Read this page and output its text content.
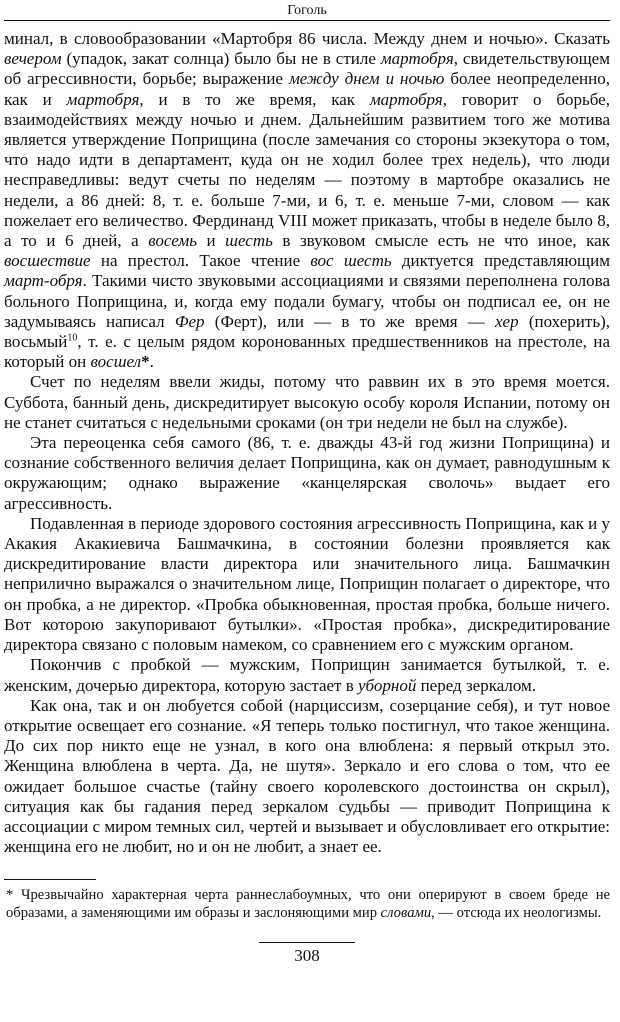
Гоголь

минал, в словообразовании «Мартобря 86 числа. Между днем и ночью». Сказать вечером (упадок, закат солнца) было бы не в стиле мартобря, свидетельствующем об агрессивности, борьбе; выражение между днем и ночью более неопределенно, как и мартобря, и в то же время, как мартобря, говорит о борьбе, взаимодействиях между ночью и днем. Дальнейшим развитием того же мотива является утверждение Поприщина (после замечания со стороны экзекутора о том, что надо идти в департамент, куда он не ходил более трех недель), что люди несправедливы: ведут счеты по неделям — поэтому в мартобре оказались не недели, а 86 дней: 8, т. е. больше 7-ми, и 6, т. е. меньше 7-ми, словом — как пожелает его величество. Фердинанд VIII может приказать, чтобы в неделе было 8, а то и 6 дней, а восемь и шесть в звуковом смысле есть не что иное, как восшествие на престол. Такое чтение вос шесть диктуется представляющим март-обря. Такими чисто звуковыми ассоциациями и связями переполнена голова больного Поприщина, и, когда ему подали бумагу, чтобы он подписал ее, он не задумываясь написал Фер (Ферт), или — в то же время — хер (похерить), восьмый$^{10}$, т. е. с целым рядом коронованных предшественников на престоле, на который он восшел*.

Счет по неделям ввели жиды, потому что раввин их в это время моется. Суббота, банный день, дискредитирует высокую особу короля Испании, потому он не станет считаться с недельными сроками (он три недели не был на службе).

Эта переоценка себя самого (86, т. е. дважды 43-й год жизни Поприщина) и сознание собственного величия делает Поприщина, как он думает, равнодушным к окружающим; однако выражение «канцелярская сволочь» выдает его агрессивность.

Подавленная в периоде здорового состояния агрессивность Поприщина, как и у Акакия Акакиевича Башмачкина, в состоянии болезни проявляется как дискредитирование власти директора или значительного лица. Башмачкин неприлично выражался о значительном лице, Поприщин полагает о директоре, что он пробка, а не директор. «Пробка обыкновенная, простая пробка, больше ничего. Вот которою закупоривают бутылки». «Простая пробка», дискредитирование директора связано с половым намеком, со сравнением его с мужским органом.

Покончив с пробкой — мужским, Поприщин занимается бутылкой, т. е. женским, дочерью директора, которую застает в уборной перед зеркалом.

Как она, так и он любуется собой (нарциссизм, созерцание себя), и тут новое открытие освещает его сознание. «Я теперь только постигнул, что такое женщина. До сих пор никто еще не узнал, в кого она влюблена: я первый открыл это. Женщина влюблена в черта. Да, не шутя». Зеркало и его слова о том, что ее ожидает большое счастье (тайну своего королевского достоинства он скрыл), ситуация как бы гадания перед зеркалом судьбы — приводит Поприщина к ассоциации с миром темных сил, чертей и вызывает и обусловливает его открытие: женщина его не любит, но и он не любит, а знает ее.

* Чрезвычайно характерная черта раннеслабоумных, что они оперируют в своем бреде не образами, а заменяющими им образы и заслоняющими мир словами, — отсюда их неологизмы.
308
